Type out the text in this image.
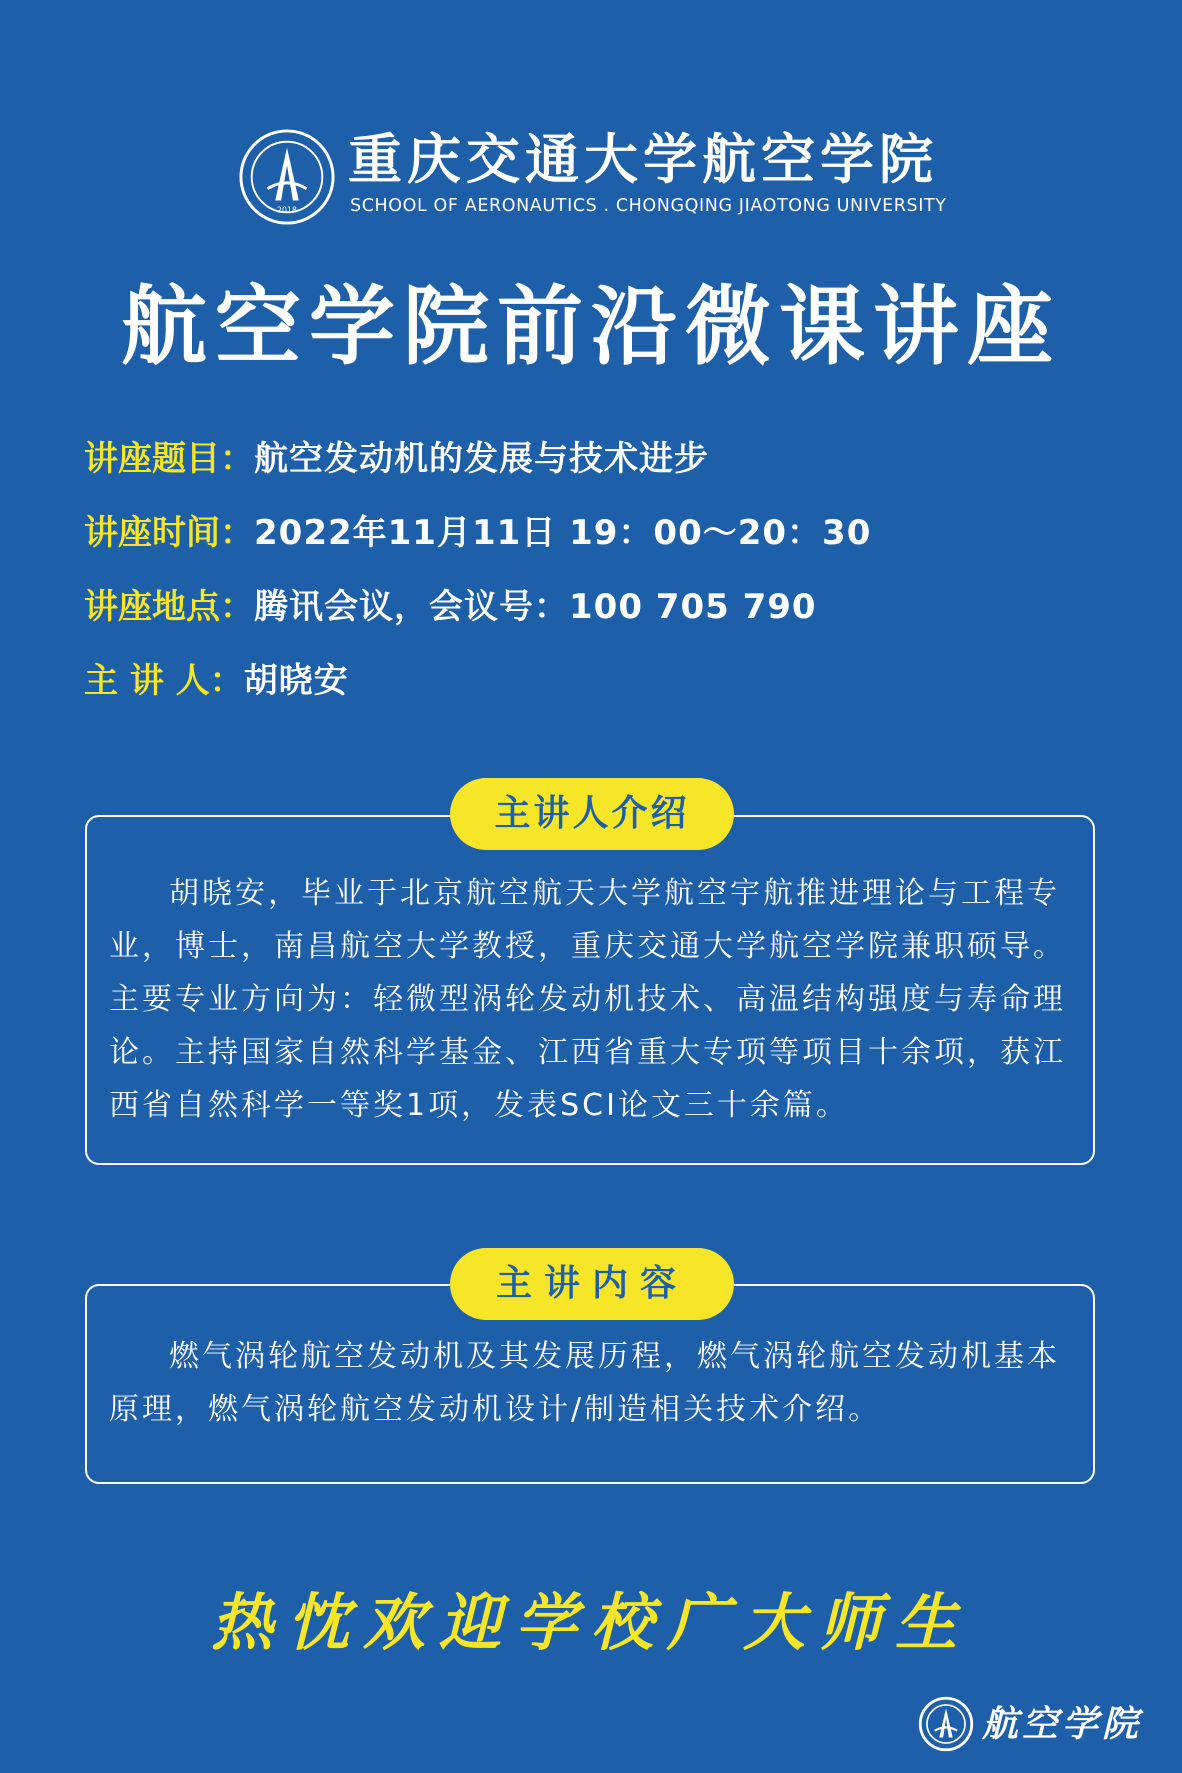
2018
重庆交通大学航空学院
SCHOOL OF AERONAUTICS . CHONGQING JIAOTONG UNIVERSITY
航空学院前沿微课讲座
讲座题目：航空发动机的发展与技术进步
讲座时间：2022年11月11日 19：00～20：30
讲座地点：腾讯会议，会议号：100 705 790
主 讲 人：胡晓安

胡晓安，毕业于北京航空航天大学航空宇航推进理论与工程专业，博士，南昌航空大学教授，重庆交通大学航空学院兼职硕导。主要专业方向为：轻微型涡轮发动机技术、高温结构强度与寿命理论。主持国家自然科学基金、江西省重大专项等项目十余项，获江西省自然科学一等奖1项，发表SCI论文三十余篇。

主讲人介绍

燃气涡轮航空发动机及其发展历程，燃气涡轮航空发动机基本原理，燃气涡轮航空发动机设计/制造相关技术介绍。

主讲内容
热忱欢迎学校广大师生
航空学院
